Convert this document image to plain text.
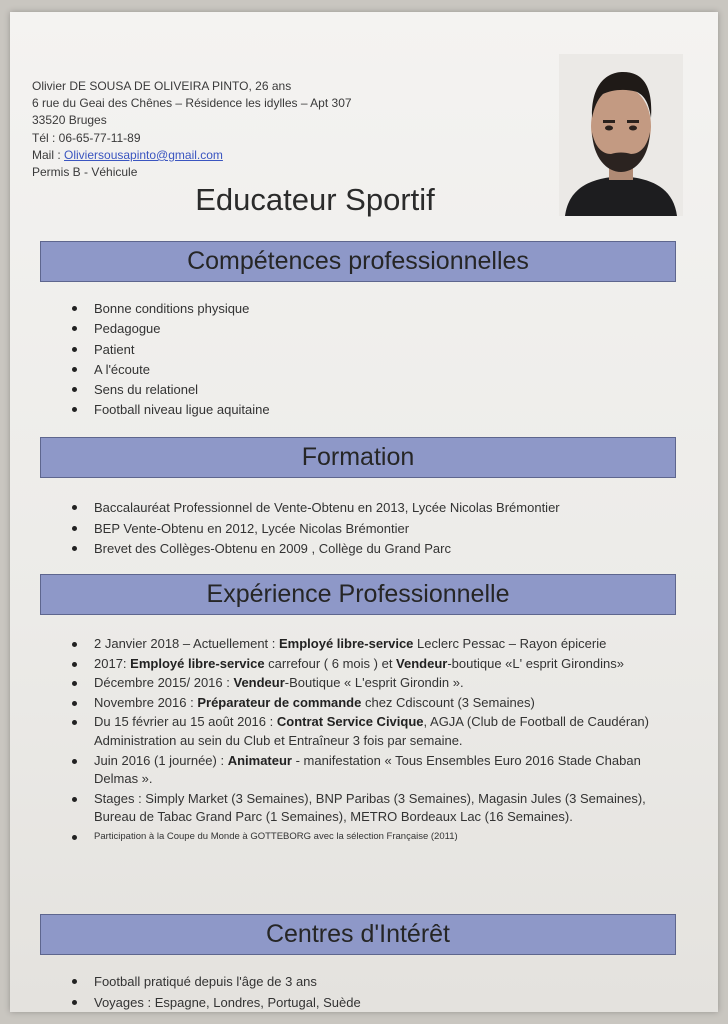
Olivier DE SOUSA DE OLIVEIRA PINTO, 26 ans
6 rue du Geai des Chênes – Résidence les idylles – Apt 307
33520 Bruges
Tél : 06-65-77-11-89
Mail : Oliviersousapinto@gmail.com
Permis B - Véhicule
Educateur Sportif
Compétences professionnelles
Bonne conditions physique
Pedagogue
Patient
A l'écoute
Sens du relationel
Football niveau ligue aquitaine
Formation
Baccalauréat Professionnel de Vente-Obtenu en 2013, Lycée Nicolas Brémontier
BEP Vente-Obtenu en 2012, Lycée Nicolas Brémontier
Brevet des Collèges-Obtenu en 2009 , Collège du Grand Parc
Expérience Professionnelle
2 Janvier 2018 – Actuellement : Employé libre-service Leclerc Pessac – Rayon épicerie
2017: Employé libre-service carrefour ( 6 mois ) et Vendeur-boutique «L' esprit Girondins»
Décembre 2015/ 2016 : Vendeur-Boutique « L'esprit Girondin ».
Novembre 2016 : Préparateur de commande chez Cdiscount (3 Semaines)
Du 15 février au 15 août 2016 : Contrat Service Civique, AGJA (Club de Football de Caudéran) Administration au sein du Club et Entraîneur 3 fois par semaine.
Juin 2016 (1 journée) : Animateur - manifestation « Tous Ensembles Euro 2016 Stade Chaban
Delmas ».
Stages : Simply Market (3 Semaines), BNP Paribas (3 Semaines), Magasin Jules (3 Semaines), Bureau de Tabac Grand Parc (1 Semaines), METRO Bordeaux Lac (16 Semaines).
Participation à la Coupe du Monde à GOTTEBORG avec la sélection Française (2011)
Centres d'Intérêt
Football pratiqué depuis l'âge de 3 ans
Voyages : Espagne, Londres, Portugal, Suède
